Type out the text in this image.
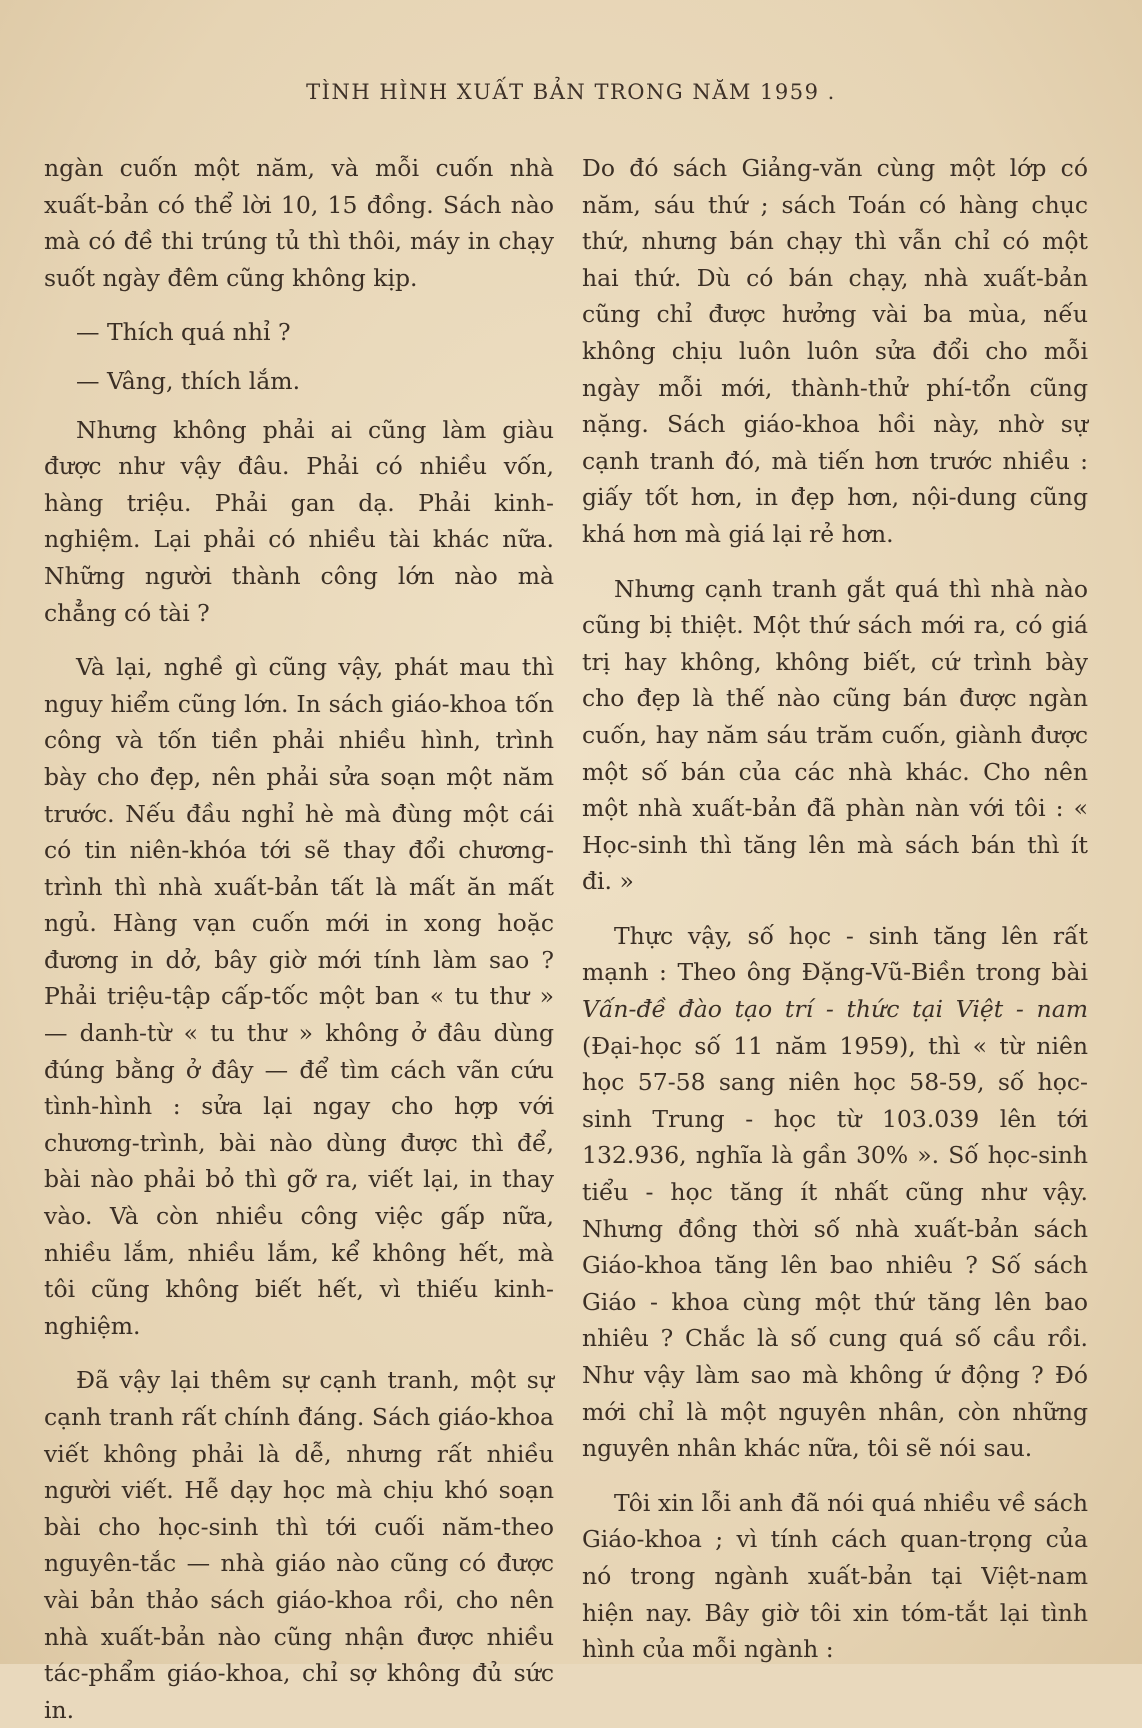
TÌNH HÌNH XUẤT BẢN TRONG NĂM 1959 .

ngàn cuốn một năm, và mỗi cuốn nhà xuất-bản có thể lời 10, 15 đồng. Sách nào mà có đề thi trúng tủ thì thôi, máy in chạy suốt ngày đêm cũng không kịp.

— Thích quá nhỉ ?

— Vâng, thích lắm.

Nhưng không phải ai cũng làm giàu được như vậy đâu. Phải có nhiều vốn, hàng triệu. Phải gan dạ. Phải kinh-nghiệm. Lại phải có nhiều tài khác nữa. Những người thành công lớn nào mà chẳng có tài ?

Và lại, nghề gì cũng vậy, phát mau thì nguy hiểm cũng lớn. In sách giáo-khoa tốn công và tốn tiền phải nhiều hình, trình bày cho đẹp, nên phải sửa soạn một năm trước. Nếu đầu nghỉ hè mà đùng một cái có tin niên-khóa tới sẽ thay đổi chương-trình thì nhà xuất-bản tất là mất ăn mất ngủ. Hàng vạn cuốn mới in xong hoặc đương in dở, bây giờ mới tính làm sao ? Phải triệu-tập cấp-tốc một ban « tu thư » — danh-từ « tu thư » không ở đâu dùng đúng bằng ở đây — để tìm cách vãn cứu tình-hình : sửa lại ngay cho hợp với chương-trình, bài nào dùng được thì để, bài nào phải bỏ thì gỡ ra, viết lại, in thay vào. Và còn nhiều công việc gấp nữa, nhiều lắm, nhiều lắm, kể không hết, mà tôi cũng không biết hết, vì thiếu kinh-nghiệm.

Đã vậy lại thêm sự cạnh tranh, một sự cạnh tranh rất chính đáng. Sách giáo-khoa viết không phải là dễ, nhưng rất nhiều người viết. Hễ dạy học mà chịu khó soạn bài cho học-sinh thì tới cuối năm-theo nguyên-tắc — nhà giáo nào cũng có được vài bản thảo sách giáo-khoa rồi, cho nên nhà xuất-bản nào cũng nhận được nhiều tác-phẩm giáo-khoa, chỉ sợ không đủ sức in.

Do đó sách Giảng-văn cùng một lớp có năm, sáu thứ ; sách Toán có hàng chục thứ, nhưng bán chạy thì vẫn chỉ có một hai thứ. Dù có bán chạy, nhà xuất-bản cũng chỉ được hưởng vài ba mùa, nếu không chịu luôn luôn sửa đổi cho mỗi ngày mỗi mới, thành-thử phí-tổn cũng nặng. Sách giáo-khoa hồi này, nhờ sự cạnh tranh đó, mà tiến hơn trước nhiều : giấy tốt hơn, in đẹp hơn, nội-dung cũng khá hơn mà giá lại rẻ hơn.

Nhưng cạnh tranh gắt quá thì nhà nào cũng bị thiệt. Một thứ sách mới ra, có giá trị hay không, không biết, cứ trình bày cho đẹp là thế nào cũng bán được ngàn cuốn, hay năm sáu trăm cuốn, giành được một số bán của các nhà khác. Cho nên một nhà xuất-bản đã phàn nàn với tôi : « Học-sinh thì tăng lên mà sách bán thì ít đi. »

Thực vậy, số học - sinh tăng lên rất mạnh : Theo ông Đặng-Vũ-Biền trong bài Vấn-đề đào tạo trí - thức tại Việt - nam (Đại-học số 11 năm 1959), thì « từ niên học 57-58 sang niên học 58-59, số học-sinh Trung - học từ 103.039 lên tới 132.936, nghĩa là gần 30% ». Số học-sinh tiểu - học tăng ít nhất cũng như vậy. Nhưng đồng thời số nhà xuất-bản sách Giáo-khoa tăng lên bao nhiêu ? Số sách Giáo - khoa cùng một thứ tăng lên bao nhiêu ? Chắc là số cung quá số cầu rồi. Như vậy làm sao mà không ứ động ? Đó mới chỉ là một nguyên nhân, còn những nguyên nhân khác nữa, tôi sẽ nói sau.

Tôi xin lỗi anh đã nói quá nhiều về sách Giáo-khoa ; vì tính cách quan-trọng của nó trong ngành xuất-bản tại Việt-nam hiện nay. Bây giờ tôi xin tóm-tắt lại tình hình của mỗi ngành :
